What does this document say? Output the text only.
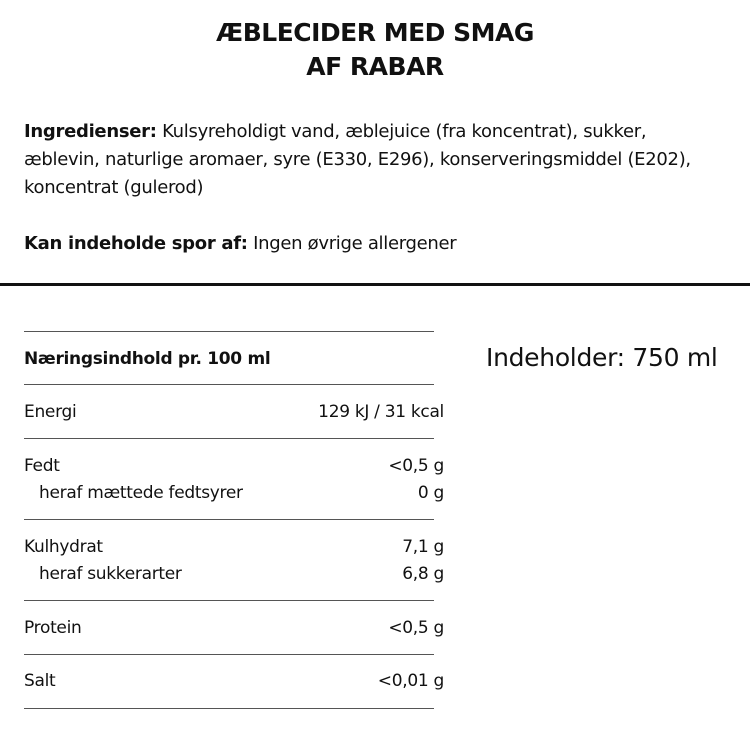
ÆBLECIDER MED SMAG
AF RABAR
Ingredienser: Kulsyreholdigt vand, æblejuice (fra koncentrat), sukker, æblevin, naturlige aromaer, syre (E330, E296), konserveringsmiddel (E202), koncentrat (gulerod)
Kan indeholde spor af: Ingen øvrige allergener
Indeholder: 750 ml
Næringsindhold pr. 100 ml
Energi	129 kJ / 31 kcal
Fedt	<0,5 g
heraf mættede fedtsyrer	0 g
Kulhydrat	7,1 g
heraf sukkerarter	6,8 g
Protein	<0,5 g
Salt	<0,01 g
